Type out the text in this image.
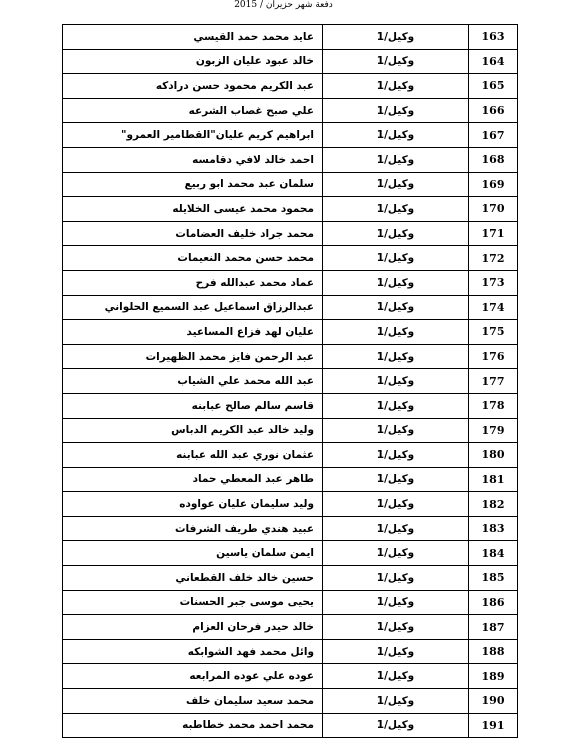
دفعة شهر حزيران / 2015
عايد محمد حمد القيسي	وكيل/1	163
خالد عبود عليان الزبون	وكيل/1	164
عبد الكريم محمود حسن درادكه	وكيل/1	165
علي صبح غصاب الشرعه	وكيل/1	166
ابراهيم كريم عليان"القطامير العمرو"	وكيل/1	167
احمد خالد لافي دقامسه	وكيل/1	168
سلمان عبد محمد ابو ربيع	وكيل/1	169
محمود محمد عيسى الخلايله	وكيل/1	170
محمد جراد خليف العضامات	وكيل/1	171
محمد حسن محمد النعيمات	وكيل/1	172
عماد محمد عبدالله فرح	وكيل/1	173
عبدالرزاق اسماعيل عبد السميع الحلواني	وكيل/1	174
عليان لهد فزاع المساعيد	وكيل/1	175
عبد الرحمن فايز محمد الظهيرات	وكيل/1	176
عبد الله محمد علي الشياب	وكيل/1	177
قاسم سالم صالح عبابنه	وكيل/1	178
وليد خالد عبد الكريم الدباس	وكيل/1	179
عثمان نوري عبد الله عبابنه	وكيل/1	180
طاهر عبد المعطي حماد	وكيل/1	181
وليد سليمان عليان عواوده	وكيل/1	182
عبيد هندي طريف الشرفات	وكيل/1	183
ايمن سلمان ياسين	وكيل/1	184
حسين خالد خلف القطعاني	وكيل/1	185
يحيى موسى جبر الحسنات	وكيل/1	186
خالد حيدر فرحان العزام	وكيل/1	187
وائل محمد فهد الشوابكه	وكيل/1	188
عوده علي عوده المرابعه	وكيل/1	189
محمد سعيد سليمان خلف	وكيل/1	190
محمد احمد محمد خطاطبه	وكيل/1	191
